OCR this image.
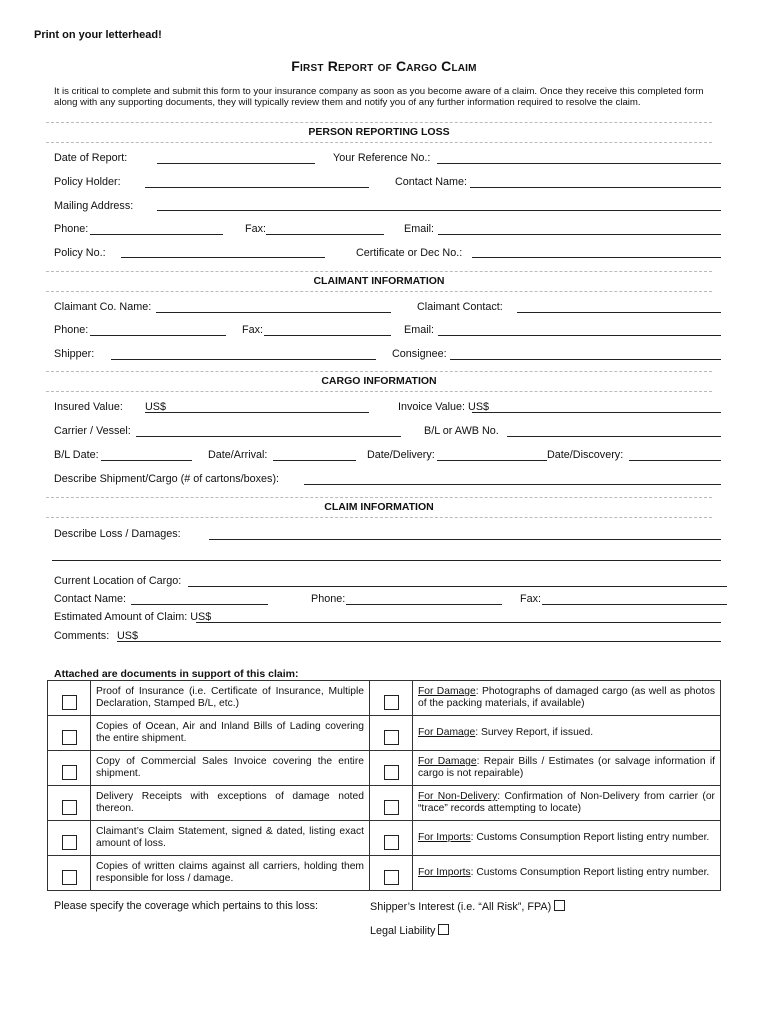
Print on your letterhead!
First Report of Cargo Claim
It is critical to complete and submit this form to your insurance company as soon as you become aware of a claim. Once they receive this completed form along with any supporting documents, they will typically review them and notify you of any further information required to resolve the claim.
PERSON REPORTING LOSS
Date of Report:	Your Reference No.:
Policy Holder:	Contact Name:
Mailing Address:
Phone:	Fax:	Email:
Policy No.:	Certificate or Dec No.:
CLAIMANT INFORMATION
Claimant Co. Name:	Claimant Contact:
Phone:	Fax:	Email:
Shipper:	Consignee:
CARGO INFORMATION
Insured Value: US$	Invoice Value: US$
Carrier / Vessel:	B/L or AWB No.
B/L Date:	Date/Arrival:	Date/Delivery:	Date/Discovery:
Describe Shipment/Cargo (# of cartons/boxes):
CLAIM INFORMATION
Describe Loss / Damages:
Current Location of Cargo:
Contact Name:	Phone:	Fax:
Estimated Amount of Claim: US$
Comments: US$
Attached are documents in support of this claim:
	Proof of Insurance (i.e. Certificate of Insurance, Multiple Declaration, Stamped B/L, etc.)		For Damage: Photographs of damaged cargo (as well as photos of the packing materials, if available)
	Copies of Ocean, Air and Inland Bills of Lading covering the entire shipment.		For Damage: Survey Report, if issued.
	Copy of Commercial Sales Invoice covering the entire shipment.		For Damage: Repair Bills / Estimates (or salvage information if cargo is not repairable)
	Delivery Receipts with exceptions of damage noted thereon.		For Non-Delivery: Confirmation of Non-Delivery from carrier (or “trace” records attempting to locate)
	Claimant’s Claim Statement, signed & dated, listing exact amount of loss.		For Imports: Customs Consumption Report listing entry number.
	Copies of written claims against all carriers, holding them responsible for loss / damage.		For Imports: Customs Consumption Report listing entry number.
Please specify the coverage which pertains to this loss:	Shipper’s Interest (i.e. “All Risk”, FPA)
Legal Liability
